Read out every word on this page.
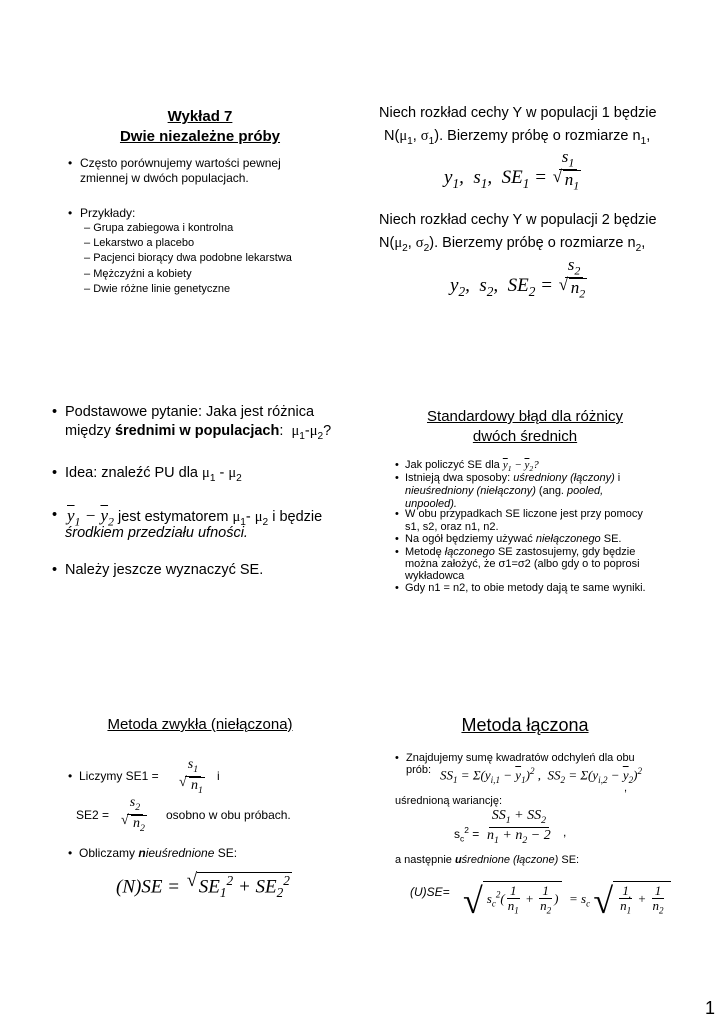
Wykład 7
Dwie niezależne próby
• Często porównujemy wartości pewnej zmiennej w dwóch populacjach.
• Przykłady:
– Grupa zabiegowa i kontrolna
– Lekarstwo a placebo
– Pacjenci biorący dwa podobne lekarstwa
– Mężczyźni a kobiety
– Dwie różne linie genetyczne
Niech rozkład cechy Y w populacji 1 będzie
$N(\mu_1$, $\sigma_1$). Bierzemy próbę o rozmiarze $n_1$,
$y_1$,  $s_1$,  $SE_1 = s_1$
√ $n_1$
Niech rozkład cechy Y w populacji 2 będzie
$N(\mu_2$, $\sigma_2$). Bierzemy próbę o rozmiarze $n_2$,
$y_2$,  $s_2$,  $SE_2 = s_2$
√ $n_2$
• Podstawowe pytanie: Jaka jest różnica
między średnimi w populacjach:  $\mu_1-\mu_2$?
• Idea: znaleźć PU dla $\mu_1 - \mu_2$
• $\overline{y}_1 - \overline{y}_2$ jest estymatorem $\mu_1-$ $\mu_2$ i będzie
środkiem przedziału ufności.
• Należy jeszcze wyznaczyć SE.
Standardowy błąd dla różnicy
dwóch średnich
• Jak policzyć SE dla $\overline{y}_1 - \overline{y}_2$?
• Istnieją dwa sposoby: uśredniony (łączony) i
nieuśredniony (niełączony) (ang. pooled, unpooled).
• W obu przypadkach SE liczone jest przy pomocy
s1, s2, oraz n1, n2.
• Na ogół będziemy używać niełączonego SE.
• Metodę łączonego SE zastosujemy, gdy będzie
można założyć, że σ1=σ2 (albo gdy o to poprosi
wykładowca
• Gdy n1 = n2, to obie metody dają te same wyniki.
Metoda zwykła (niełączona)
• Liczymy $SE1 = s_1$
√ $n_1$ i
$SE2 = s_2$
√ $n_2$ osobno w obu próbach.
• Obliczamy nieuśrednione SE:
(N)SE = √ $SE_1^2 + SE_2^2$
Metoda łączona
• Znajdujemy sumę kwadratów odchyleń dla obu
prób: $SS_1 = \Sigma(y_{i,1} - \overline{y}_1)^2$ ,  $SS_2 = \Sigma(y_{i,2} - \overline{y}_2)^2$
,
uśrednioną wariancję:
$s_c^2 = \frac{SS_1 + SS_2}{n_1 + n_2 - 2}$ ,
a następnie uśrednione (łączone) SE:
(U)SE= √ $s_c^2( \frac{1}{n_1} + \frac{1}{n_2}$ )  = $s_c$ √ $\frac{1}{n_1} + \frac{1}{n_2}$
.
1
